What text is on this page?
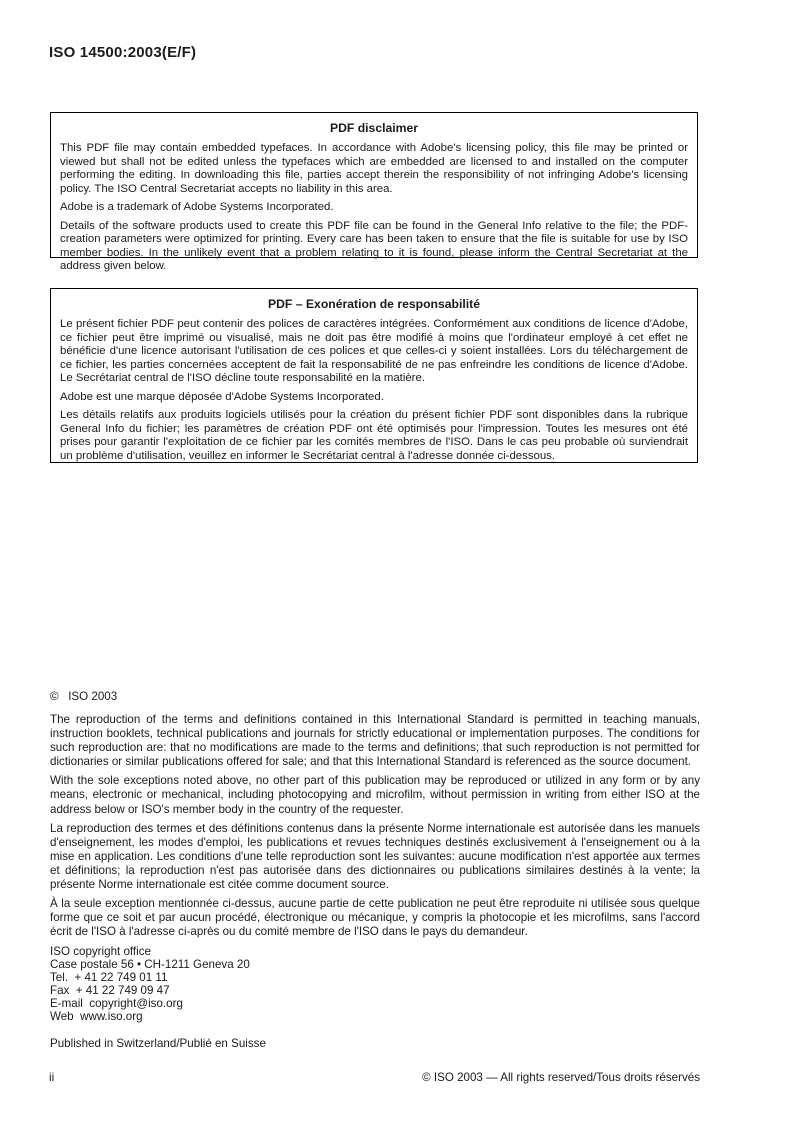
ISO 14500:2003(E/F)
PDF disclaimer

This PDF file may contain embedded typefaces. In accordance with Adobe's licensing policy, this file may be printed or viewed but shall not be edited unless the typefaces which are embedded are licensed to and installed on the computer performing the editing. In downloading this file, parties accept therein the responsibility of not infringing Adobe's licensing policy. The ISO Central Secretariat accepts no liability in this area.

Adobe is a trademark of Adobe Systems Incorporated.

Details of the software products used to create this PDF file can be found in the General Info relative to the file; the PDF-creation parameters were optimized for printing. Every care has been taken to ensure that the file is suitable for use by ISO member bodies. In the unlikely event that a problem relating to it is found, please inform the Central Secretariat at the address given below.

PDF – Exonération de responsabilité

Le présent fichier PDF peut contenir des polices de caractères intégrées. Conformément aux conditions de licence d'Adobe, ce fichier peut être imprimé ou visualisé, mais ne doit pas être modifié à moins que l'ordinateur employé à cet effet ne bénéficie d'une licence autorisant l'utilisation de ces polices et que celles-ci y soient installées. Lors du téléchargement de ce fichier, les parties concernées acceptent de fait la responsabilité de ne pas enfreindre les conditions de licence d'Adobe. Le Secrétariat central de l'ISO décline toute responsabilité en la matière.

Adobe est une marque déposée d'Adobe Systems Incorporated.

Les détails relatifs aux produits logiciels utilisés pour la création du présent fichier PDF sont disponibles dans la rubrique General Info du fichier; les paramètres de création PDF ont été optimisés pour l'impression. Toutes les mesures ont été prises pour garantir l'exploitation de ce fichier par les comités membres de l'ISO. Dans le cas peu probable où surviendrait un problème d'utilisation, veuillez en informer le Secrétariat central à l'adresse donnée ci-dessous.

©   ISO 2003

The reproduction of the terms and definitions contained in this International Standard is permitted in teaching manuals, instruction booklets, technical publications and journals for strictly educational or implementation purposes. The conditions for such reproduction are: that no modifications are made to the terms and definitions; that such reproduction is not permitted for dictionaries or similar publications offered for sale; and that this International Standard is referenced as the source document.

With the sole exceptions noted above, no other part of this publication may be reproduced or utilized in any form or by any means, electronic or mechanical, including photocopying and microfilm, without permission in writing from either ISO at the address below or ISO's member body in the country of the requester.

La reproduction des termes et des définitions contenus dans la présente Norme internationale est autorisée dans les manuels d'enseignement, les modes d'emploi, les publications et revues techniques destinés exclusivement à l'enseignement ou à la mise en application. Les conditions d'une telle reproduction sont les suivantes: aucune modification n'est apportée aux termes et définitions; la reproduction n'est pas autorisée dans des dictionnaires ou publications similaires destinés à la vente; la présente Norme internationale est citée comme document source.

À la seule exception mentionnée ci-dessus, aucune partie de cette publication ne peut être reproduite ni utilisée sous quelque forme que ce soit et par aucun procédé, électronique ou mécanique, y compris la photocopie et les microfilms, sans l'accord écrit de l'ISO à l'adresse ci-après ou du comité membre de l'ISO dans le pays du demandeur.

ISO copyright office
Case postale 56 • CH-1211 Geneva 20
Tel.  + 41 22 749 01 11
Fax  + 41 22 749 09 47
E-mail  copyright@iso.org
Web  www.iso.org
Published in Switzerland/Publié en Suisse
ii	© ISO 2003 — All rights reserved/Tous droits réservés
